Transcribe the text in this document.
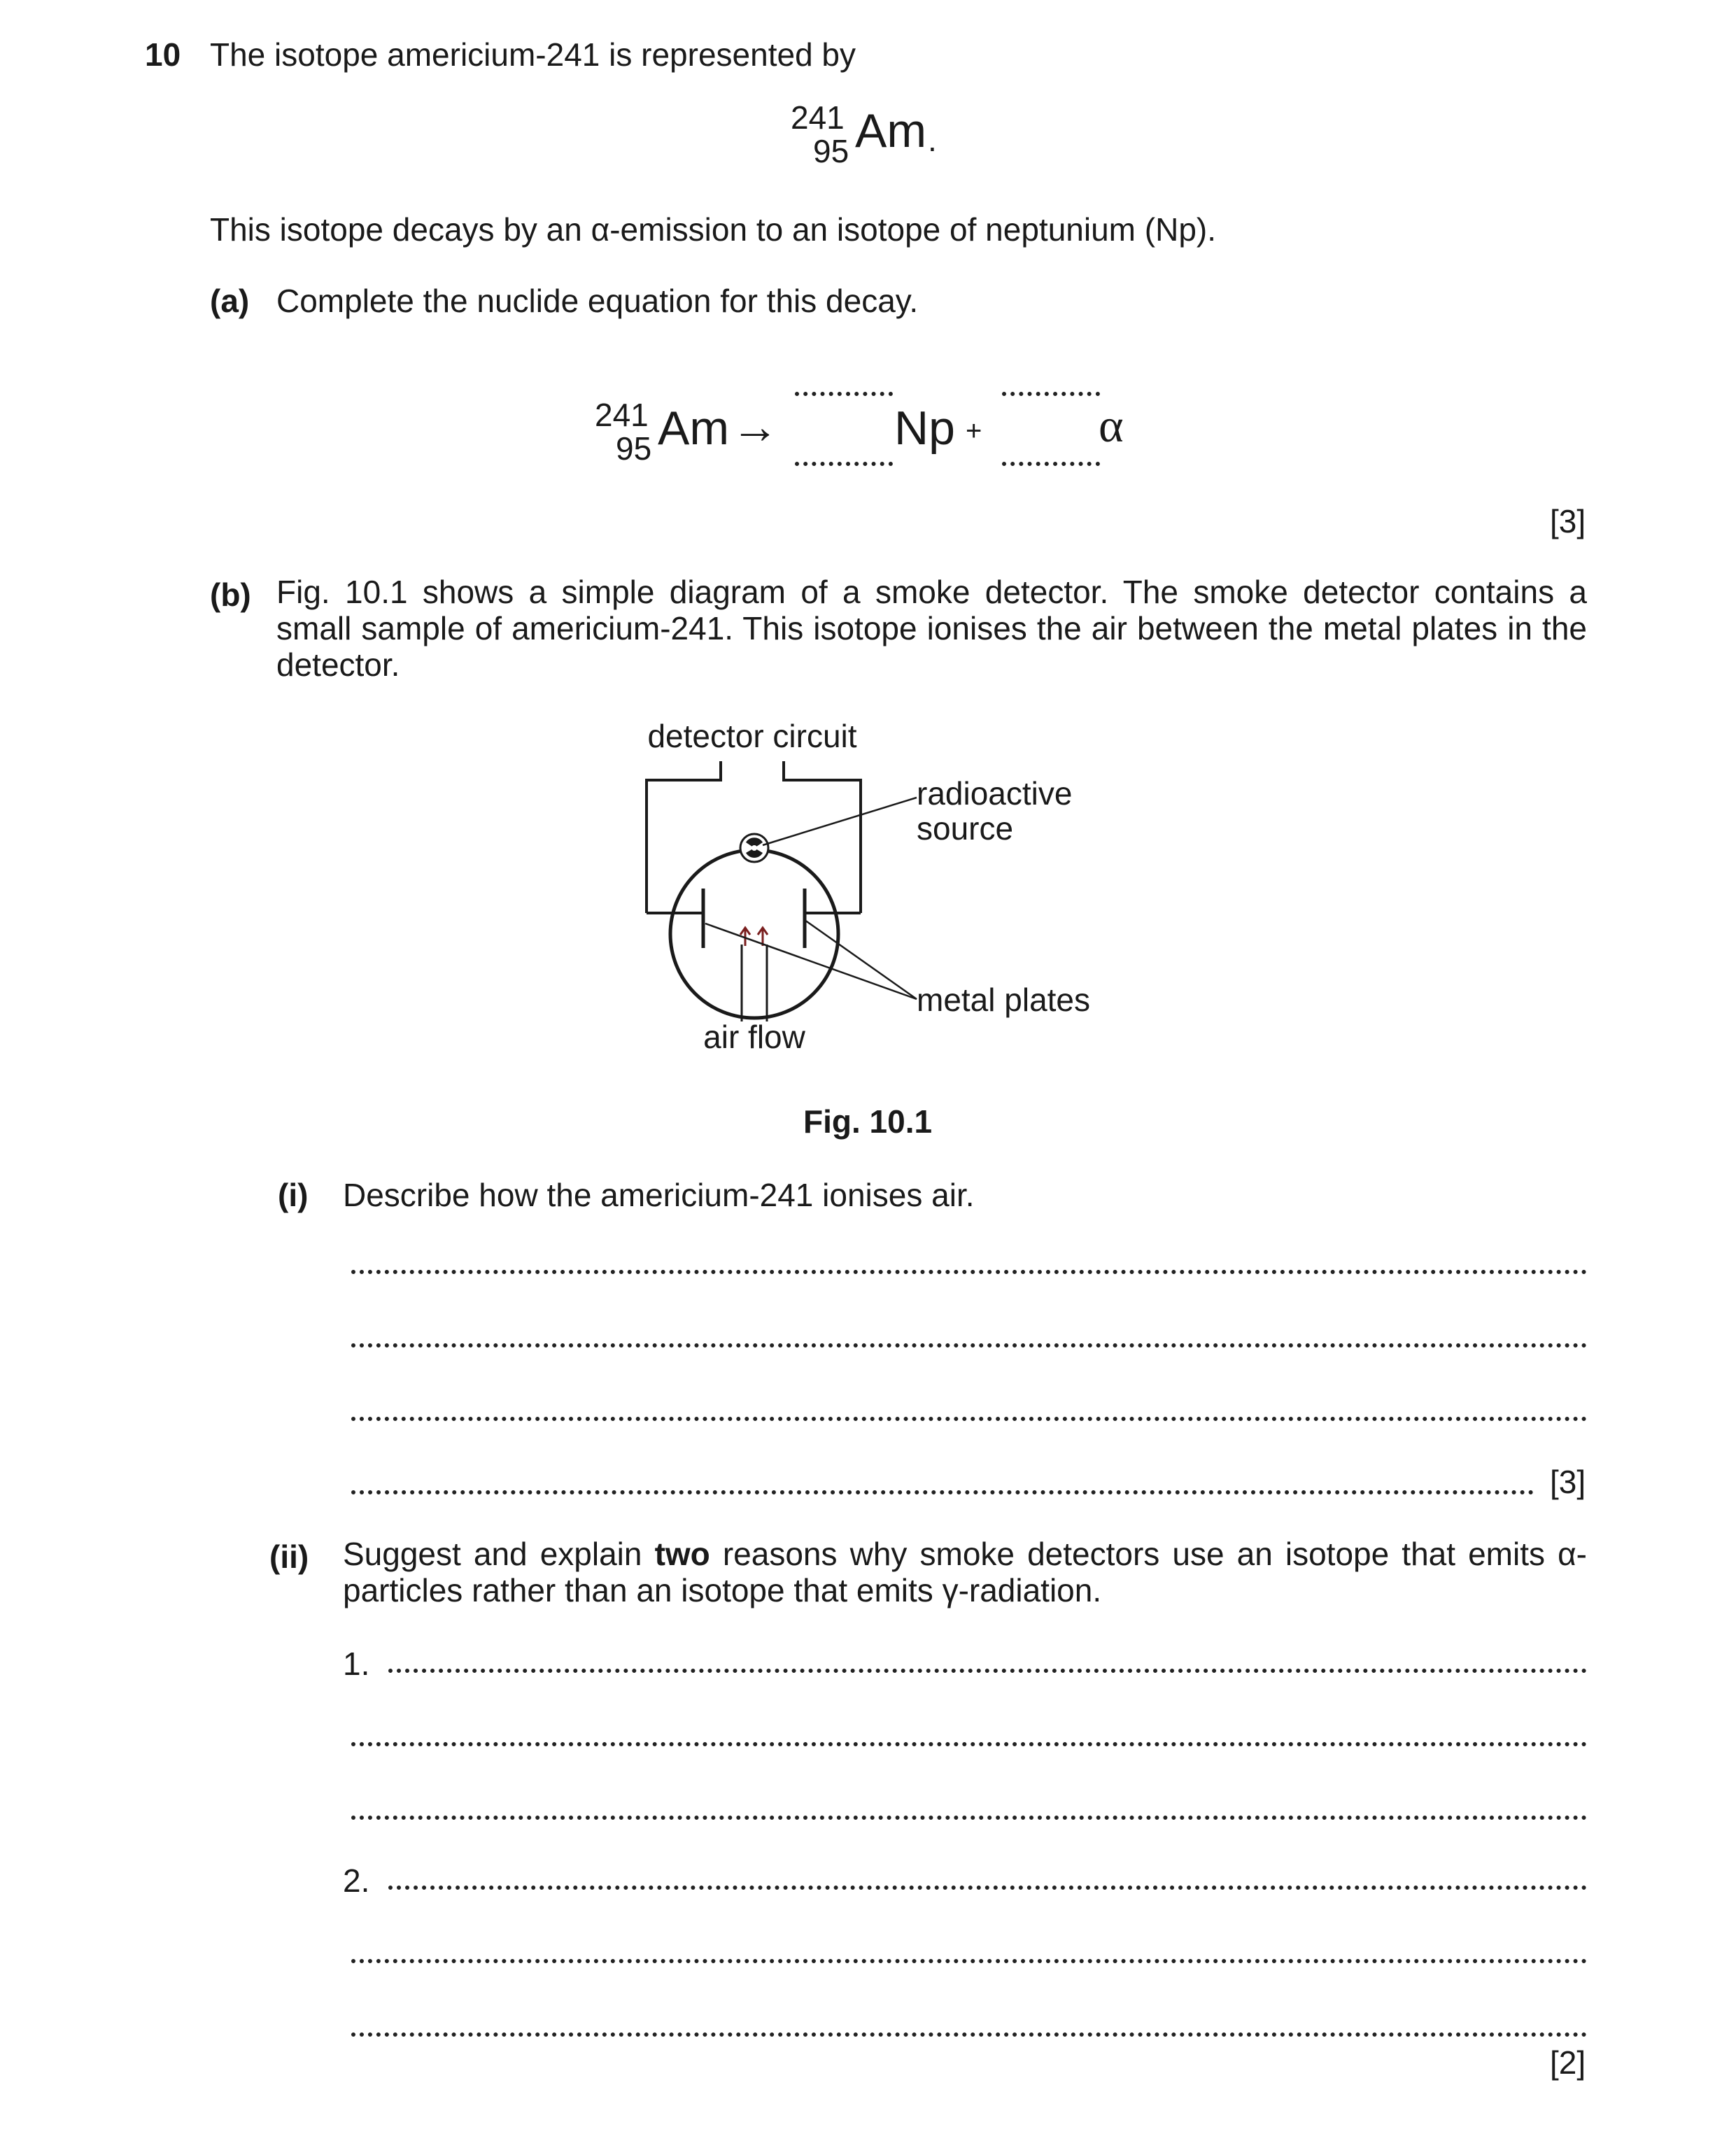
10 The isotope americium-241 is represented by
241
95 Am .
This isotope decays by an α-emission to an isotope of neptunium (Np).
(a) Complete the nuclide equation for this decay.
241
95 Am → Np + α
[3]
(b) Fig. 10.1 shows a simple diagram of a smoke detector. The smoke detector contains a small sample of americium-241. This isotope ionises the air between the metal plates in the detector.
detector circuit
radioactive
source
metal plates
air flow
Fig. 10.1
(i) Describe how the americium-241 ionises air.
[3]
(ii) Suggest and explain two reasons why smoke detectors use an isotope that emits α-particles rather than an isotope that emits γ-radiation.
1.
2.
[2]
